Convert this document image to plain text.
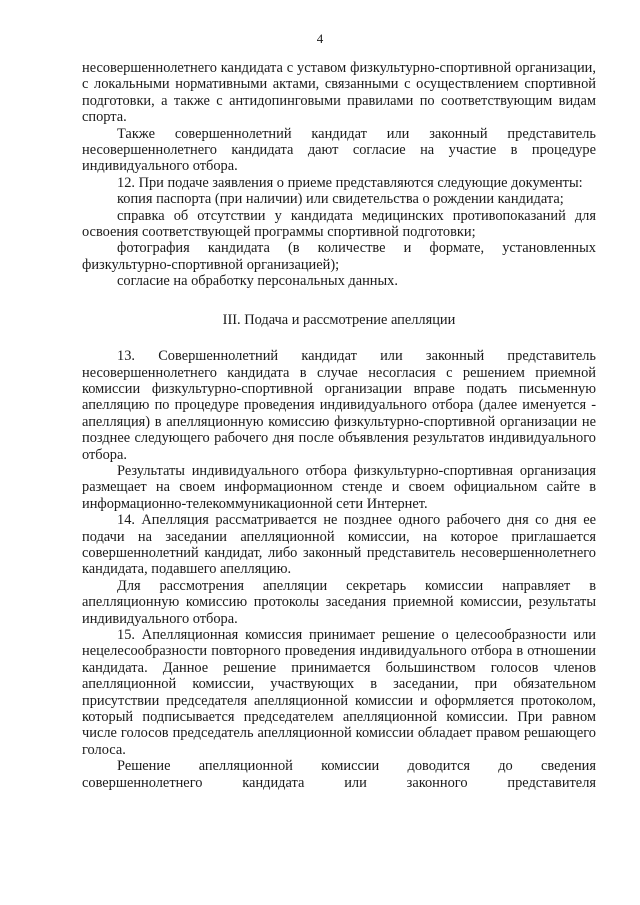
4

несовершеннолетнего кандидата с уставом физкультурно-спортивной организации, с локальными нормативными актами, связанными с осуществлением спортивной подготовки, а также с антидопинговыми правилами по соответствующим видам спорта.

Также совершеннолетний кандидат или законный представитель несовершеннолетнего кандидата дают согласие на участие в процедуре индивидуального отбора.

12. При подаче заявления о приеме представляются следующие документы:

копия паспорта (при наличии) или свидетельства о рождении кандидата;

справка об отсутствии у кандидата медицинских противопоказаний для освоения соответствующей программы спортивной подготовки;

фотография кандидата (в количестве и формате, установленных физкультурно-спортивной организацией);

согласие на обработку персональных данных.

III. Подача и рассмотрение апелляции

13. Совершеннолетний кандидат или законный представитель несовершеннолетнего кандидата в случае несогласия с решением приемной комиссии физкультурно-спортивной организации вправе подать письменную апелляцию по процедуре проведения индивидуального отбора (далее именуется - апелляция) в апелляционную комиссию физкультурно-спортивной организации не позднее следующего рабочего дня после объявления результатов индивидуального отбора.

Результаты индивидуального отбора физкультурно-спортивная организация размещает на своем информационном стенде и своем официальном сайте в информационно-телекоммуникационной сети Интернет.

14. Апелляция рассматривается не позднее одного рабочего дня со дня ее подачи на заседании апелляционной комиссии, на которое приглашается совершеннолетний кандидат, либо законный представитель несовершеннолетнего кандидата, подавшего апелляцию.

Для рассмотрения апелляции секретарь комиссии направляет в апелляционную комиссию протоколы заседания приемной комиссии, результаты индивидуального отбора.

15. Апелляционная комиссия принимает решение о целесообразности или нецелесообразности повторного проведения индивидуального отбора в отношении кандидата. Данное решение принимается большинством голосов членов апелляционной комиссии, участвующих в заседании, при обязательном присутствии председателя апелляционной комиссии и оформляется протоколом, который подписывается председателем апелляционной комиссии. При равном числе голосов председатель апелляционной комиссии обладает правом решающего голоса.

Решение апелляционной комиссии доводится до сведения совершеннолетнего кандидата или законного представителя
